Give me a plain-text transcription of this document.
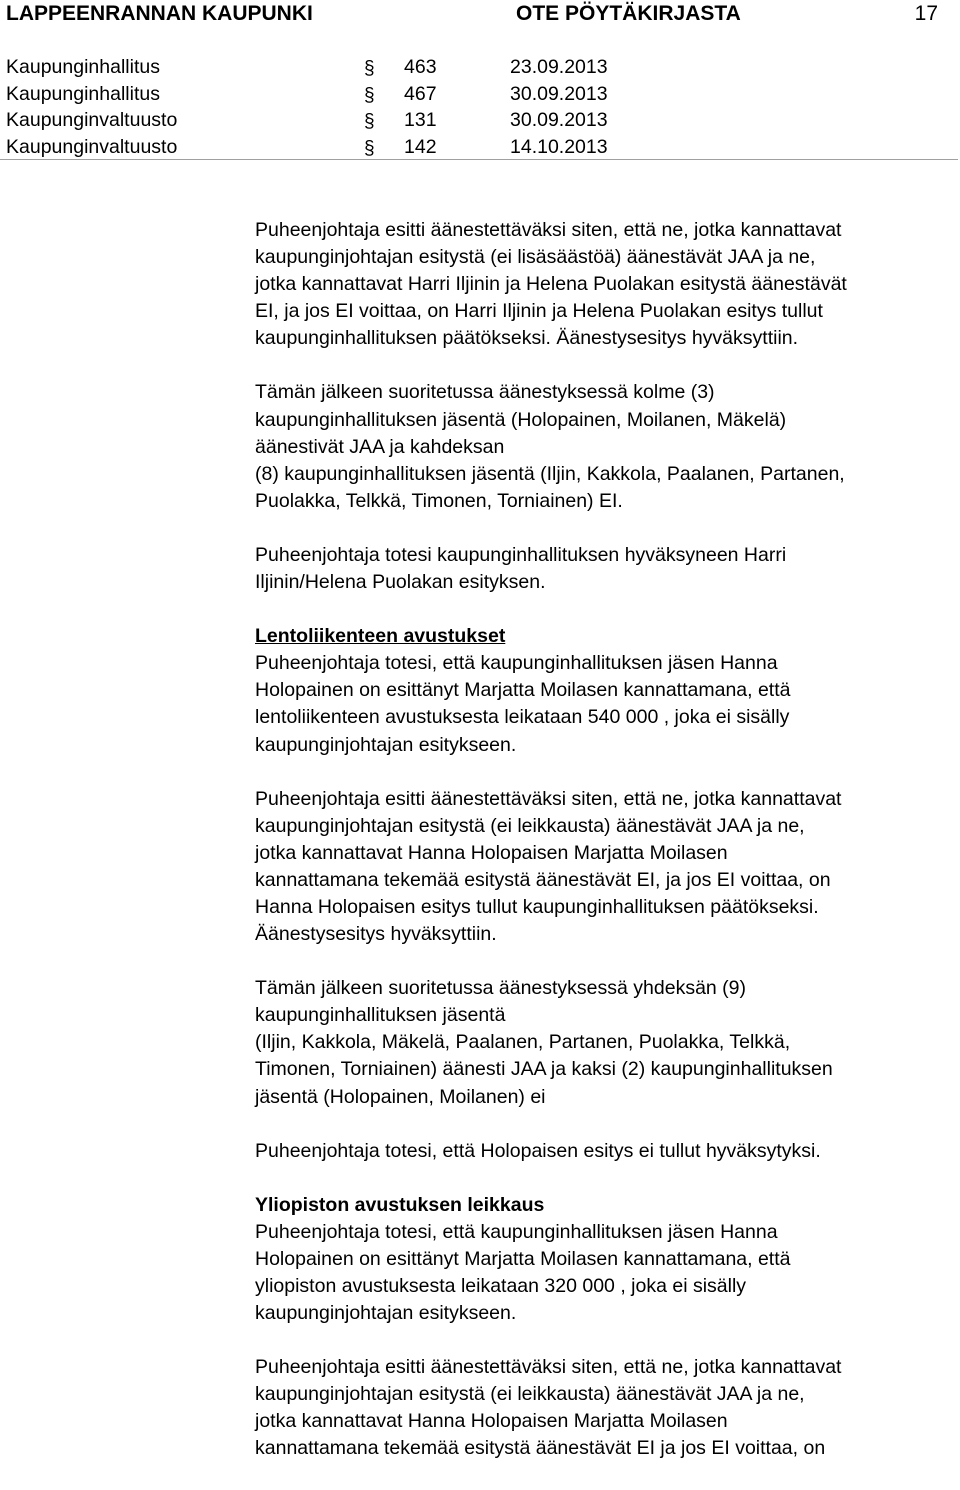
LAPPEENRANNAN KAUPUNKI	OTE PÖYTÄKIRJASTA	17
Kaupunginhallitus	§ 463	23.09.2013
Kaupunginhallitus	§ 467	30.09.2013
Kaupunginvaltuusto	§ 131	30.09.2013
Kaupunginvaltuusto	§ 142	14.10.2013
Puheenjohtaja esitti äänestettäväksi siten, että ne, jotka kannattavat
kaupunginjohtajan esitystä (ei lisäsäästöä) äänestävät JAA ja ne,
jotka kannattavat Harri Iljinin ja Helena Puolakan esitystä äänestävät
EI, ja jos EI voittaa, on Harri Iljinin ja Helena Puolakan esitys tullut
kaupunginhallituksen päätökseksi. Äänestysesitys hyväksyttiin.
Tämän jälkeen suoritetussa äänestyksessä kolme (3)
kaupunginhallituksen jäsentä (Holopainen, Moilanen, Mäkelä)
äänestivät JAA ja kahdeksan
(8) kaupunginhallituksen jäsentä (Iljin, Kakkola, Paalanen, Partanen,
Puolakka, Telkkä, Timonen, Torniainen) EI.
Puheenjohtaja totesi kaupunginhallituksen hyväksyneen Harri
Iljinin/Helena Puolakan esityksen.
Lentoliikenteen avustukset
Puheenjohtaja totesi, että kaupunginhallituksen jäsen Hanna
Holopainen on esittänyt Marjatta Moilasen kannattamana, että
lentoliikenteen avustuksesta leikataan 540 000 , joka ei sisälly
kaupunginjohtajan esitykseen.
Puheenjohtaja esitti äänestettäväksi siten, että ne, jotka kannattavat
kaupunginjohtajan esitystä (ei leikkausta) äänestävät JAA ja ne,
jotka kannattavat Hanna Holopaisen Marjatta Moilasen
kannattamana tekemää esitystä äänestävät EI, ja jos EI voittaa, on
Hanna Holopaisen esitys tullut kaupunginhallituksen päätökseksi.
Äänestysesitys hyväksyttiin.
Tämän jälkeen suoritetussa äänestyksessä yhdeksän (9)
kaupunginhallituksen jäsentä
(Iljin, Kakkola, Mäkelä, Paalanen, Partanen, Puolakka, Telkkä,
Timonen, Torniainen) äänesti JAA ja kaksi (2) kaupunginhallituksen
jäsentä (Holopainen, Moilanen) ei
Puheenjohtaja totesi, että Holopaisen esitys ei tullut hyväksytyksi.
Yliopiston avustuksen leikkaus
Puheenjohtaja totesi, että kaupunginhallituksen jäsen Hanna
Holopainen on esittänyt Marjatta Moilasen kannattamana, että
yliopiston avustuksesta leikataan 320 000 , joka ei sisälly
kaupunginjohtajan esitykseen.
Puheenjohtaja esitti äänestettäväksi siten, että ne, jotka kannattavat
kaupunginjohtajan esitystä (ei leikkausta) äänestävät JAA ja ne,
jotka kannattavat Hanna Holopaisen Marjatta Moilasen
kannattamana tekemää esitystä äänestävät EI ja jos EI voittaa, on
